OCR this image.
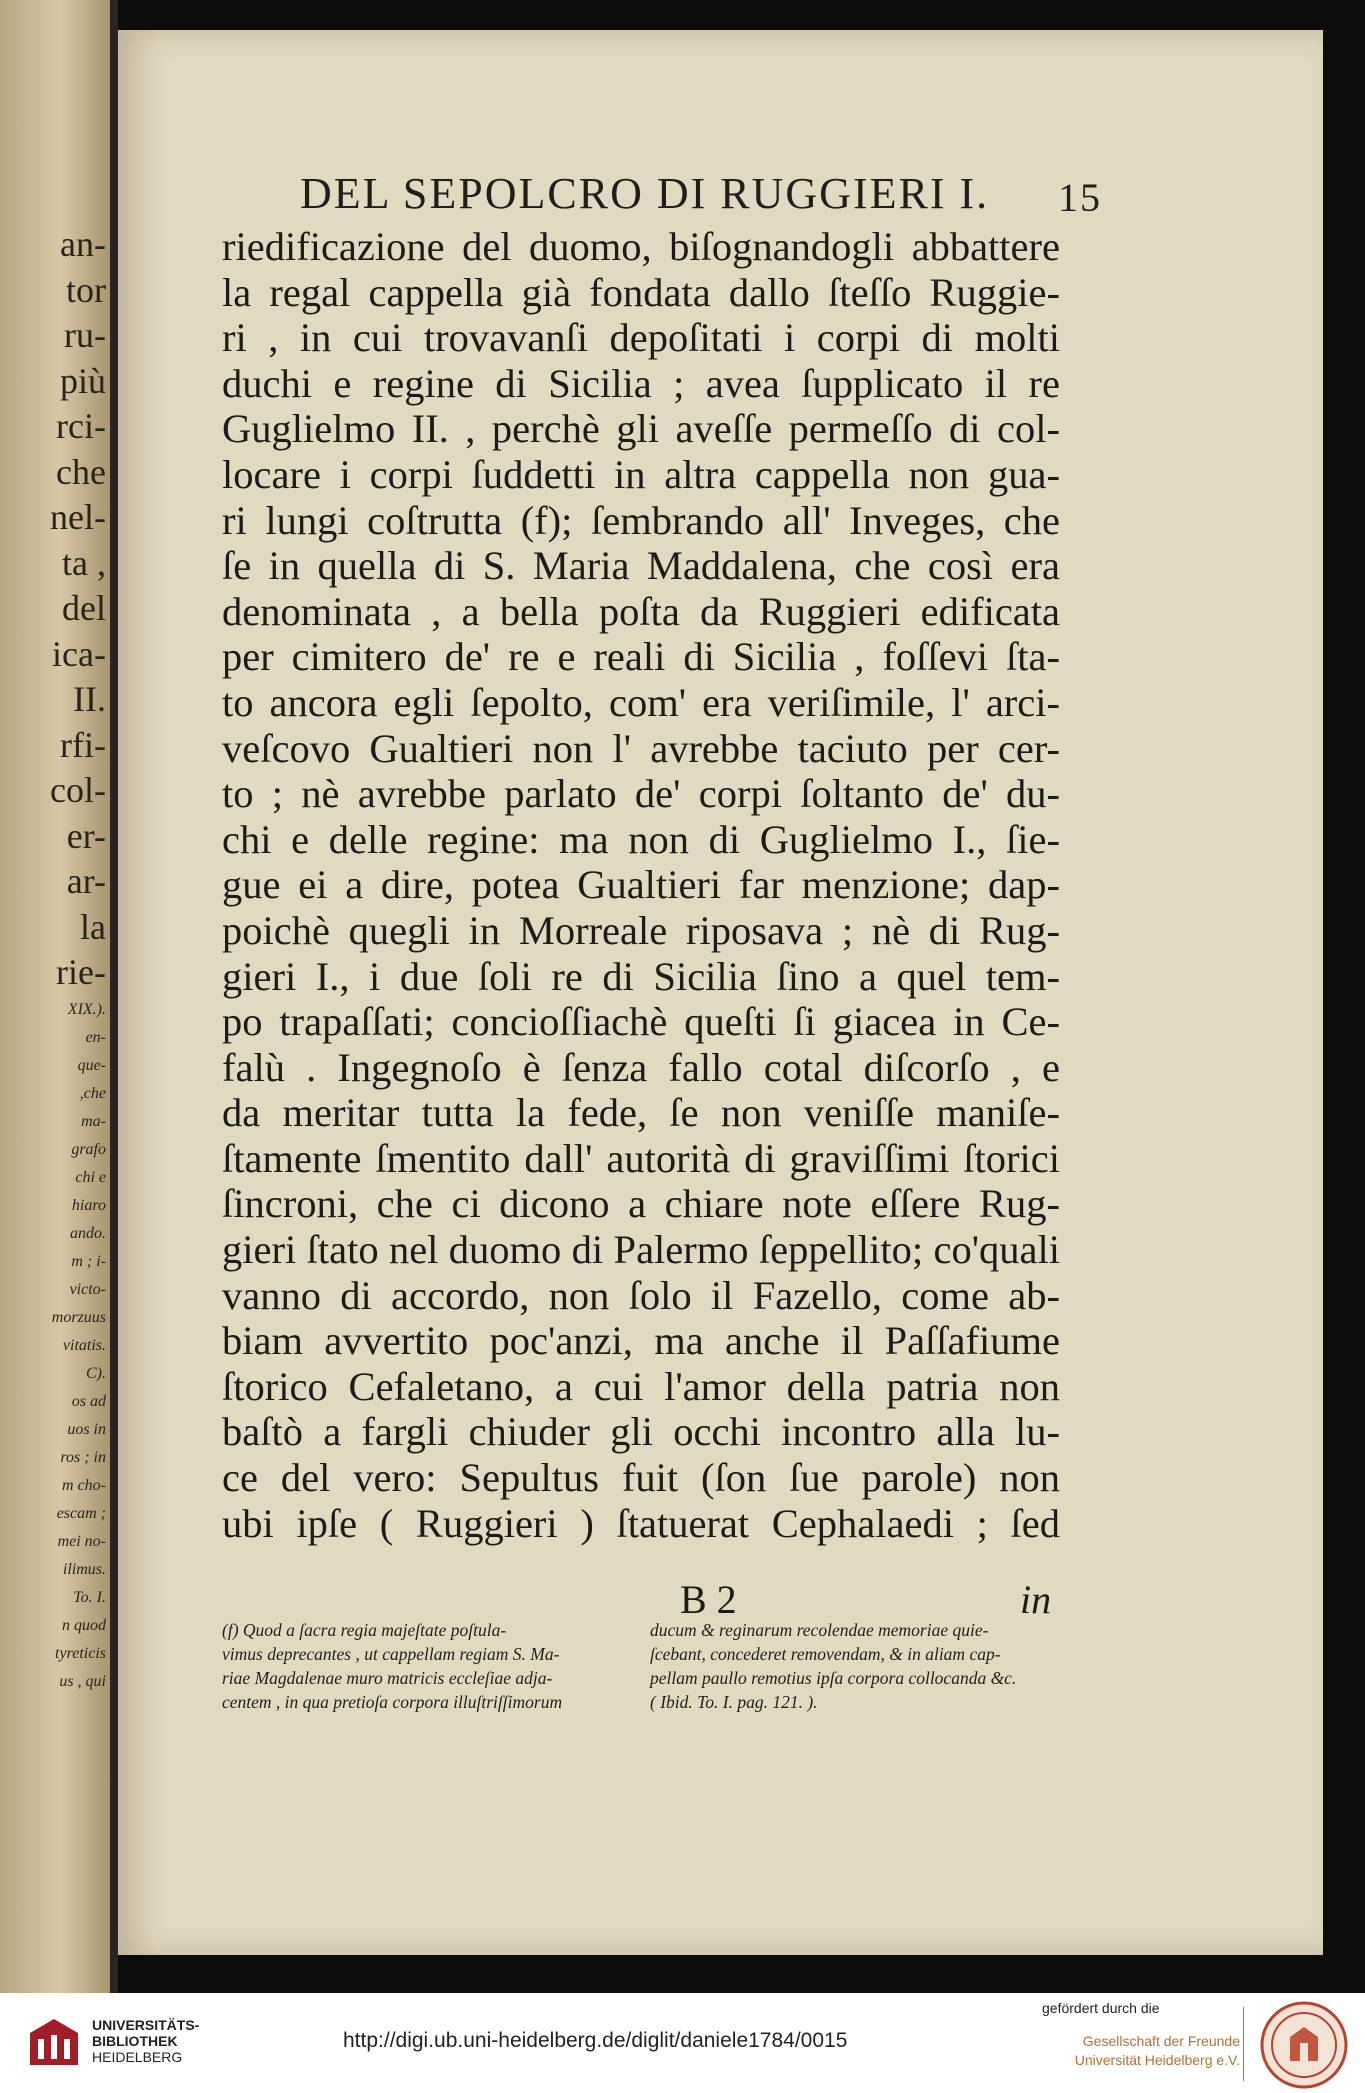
an-
tor
ru-
più
rci-
che
nel-
ta ,
del
ica-
II.
rfi-
col-
er-
ar-
la
rie-
XIX.).
en-
que-
,che
ma-
grafo
chi e
hiaro
ando.
m ; i-
victo-
morzuus
vitatis.
C).
os ad
uos in
ros ; in
m cho-
escam ;
mei no-
ilimus.
To. I.
n quod
tyreticis
us , qui
DEL SEPOLCRO DI RUGGIERI I. 15
riedificazione del duomo, biſognandogli abbattere
la regal cappella già fondata dallo ſteſſo Ruggie-
ri , in cui trovavanſi depoſitati i corpi di molti
duchi e regine di Sicilia ; avea ſupplicato il re
Guglielmo II. , perchè gli aveſſe permeſſo di col-
locare i corpi ſuddetti in altra cappella non gua-
ri lungi coſtrutta (f); ſembrando all' Inveges, che
ſe in quella di S. Maria Maddalena, che così era
denominata , a bella poſta da Ruggieri edificata
per cimitero de' re e reali di Sicilia , foſſevi ſta-
to ancora egli ſepolto, com' era veriſimile, l' arci-
veſcovo Gualtieri non l' avrebbe taciuto per cer-
to ; nè avrebbe parlato de' corpi ſoltanto de' du-
chi e delle regine: ma non di Guglielmo I., ſie-
gue ei a dire, potea Gualtieri far menzione; dap-
poichè quegli in Morreale riposava ; nè di Rug-
gieri I., i due ſoli re di Sicilia ſino a quel tem-
po trapaſſati; concioſſiachè queſti ſi giacea in Ce-
falù . Ingegnoſo è ſenza fallo cotal diſcorſo , e
da meritar tutta la fede, ſe non veniſſe maniſe-
ſtamente ſmentito dall' autorità di graviſſimi ſtorici
ſincroni, che ci dicono a chiare note eſſere Rug-
gieri ſtato nel duomo di Palermo ſeppellito; co'quali
vanno di accordo, non ſolo il Fazello, come ab-
biam avvertito poc'anzi, ma anche il Paſſafiume
ſtorico Cefaletano, a cui l'amor della patria non
baſtò a fargli chiuder gli occhi incontro alla lu-
ce del vero: Sepultus fuit (ſon ſue parole) non
ubi ipſe ( Ruggieri ) ſtatuerat Cephalaedi ; ſed
B 2	in
(f) Quod a ſacra regia majeſtate poſtula-
vimus deprecantes , ut cappellam regiam S. Ma-
riae Magdalenae muro matricis eccleſiae adja-
centem , in qua pretioſa corpora illuſtriſſimorum
ducum & reginarum recolendae memoriae quie-
ſcebant, concederet removendam, & in aliam cap-
pellam paullo remotius ipſa corpora collocanda &c.
( Ibid. To. I. pag. 121. ).
UNIVERSITÄTS-
BIBLIOTHEK
HEIDELBERG
http://digi.ub.uni-heidelberg.de/diglit/daniele1784/0015
gefördert durch die
Gesellschaft der Freunde
Universität Heidelberg e.V.
